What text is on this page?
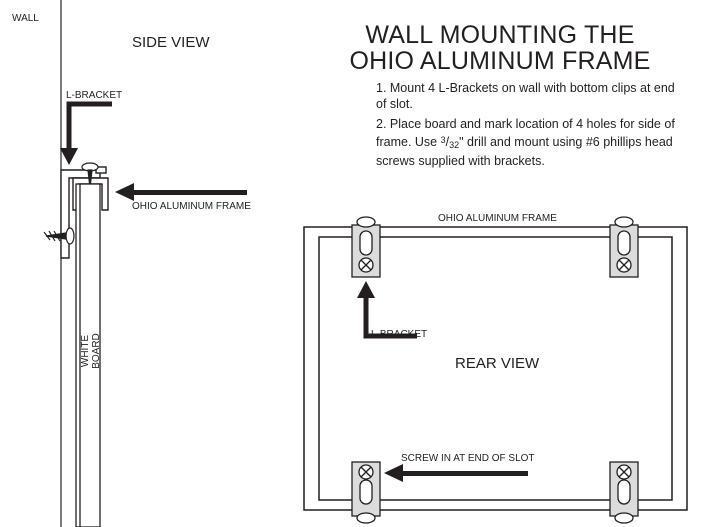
WALL
SIDE VIEW
L-BRACKET
OHIO ALUMINUM FRAME
WHITE BOARD
WALL MOUNTING THE
OHIO ALUMINUM FRAME

1. Mount 4 L-Brackets on wall with bottom clips at end of slot.

2. Place board and mark location of 4 holes for side of frame. Use $^3$/32" drill and mount using #6 phillips head screws supplied with brackets.

OHIO ALUMINUM FRAME
L-BRACKET
REAR VIEW
SCREW IN AT END OF SLOT
